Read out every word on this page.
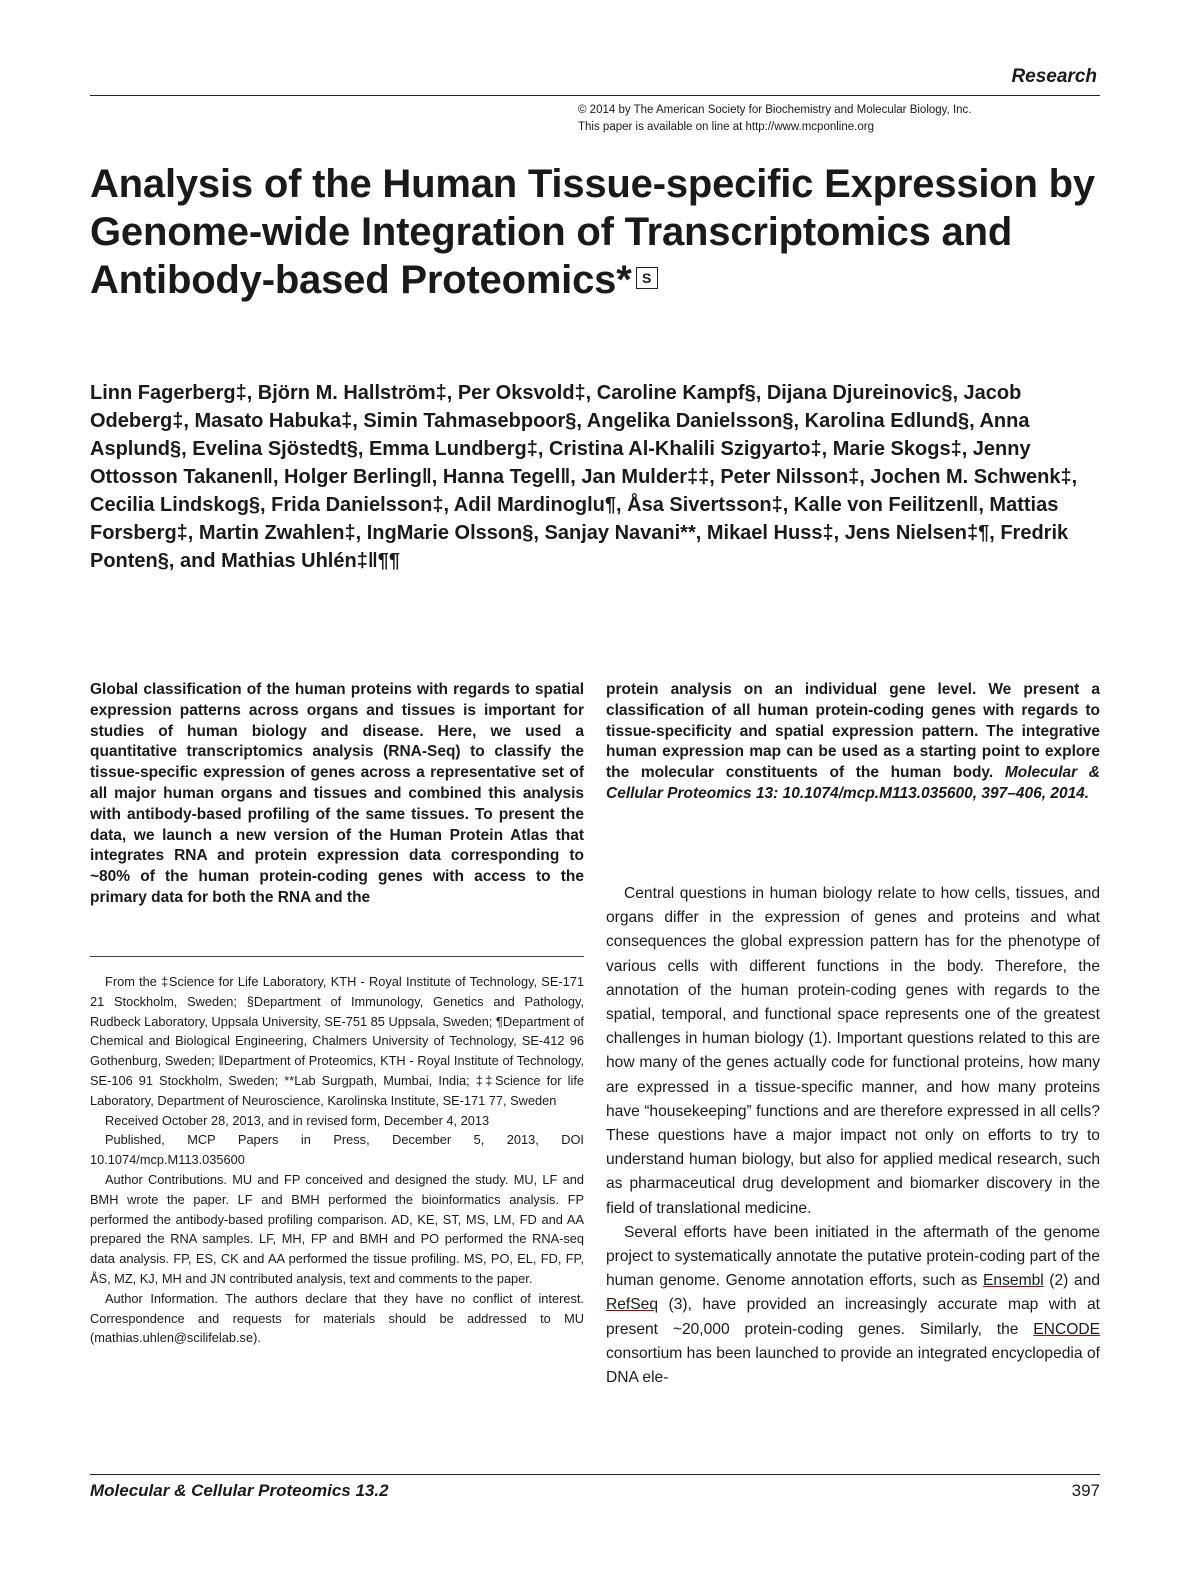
Research
© 2014 by The American Society for Biochemistry and Molecular Biology, Inc.
This paper is available on line at http://www.mcponline.org
Analysis of the Human Tissue-specific Expression by Genome-wide Integration of Transcriptomics and Antibody-based Proteomics* S
Linn Fagerberg‡, Björn M. Hallström‡, Per Oksvold‡, Caroline Kampf§, Dijana Djureinovic§, Jacob Odeberg‡, Masato Habuka‡, Simin Tahmasebpoor§, Angelika Danielsson§, Karolina Edlund§, Anna Asplund§, Evelina Sjöstedt§, Emma Lundberg‡, Cristina Al-Khalili Szigyarto‡, Marie Skogs‡, Jenny Ottosson Takanen‖, Holger Berling‖, Hanna Tegel‖, Jan Mulder‡‡, Peter Nilsson‡, Jochen M. Schwenk‡, Cecilia Lindskog§, Frida Danielsson‡, Adil Mardinoglu¶, Åsa Sivertsson‡, Kalle von Feilitzen‖, Mattias Forsberg‡, Martin Zwahlen‡, IngMarie Olsson§, Sanjay Navani**, Mikael Huss‡, Jens Nielsen‡¶, Fredrik Ponten§, and Mathias Uhlén‡‖¶¶
Global classification of the human proteins with regards to spatial expression patterns across organs and tissues is important for studies of human biology and disease. Here, we used a quantitative transcriptomics analysis (RNA-Seq) to classify the tissue-specific expression of genes across a representative set of all major human organs and tissues and combined this analysis with antibody-based profiling of the same tissues. To present the data, we launch a new version of the Human Protein Atlas that integrates RNA and protein expression data corresponding to ~80% of the human protein-coding genes with access to the primary data for both the RNA and the
protein analysis on an individual gene level. We present a classification of all human protein-coding genes with regards to tissue-specificity and spatial expression pattern. The integrative human expression map can be used as a starting point to explore the molecular constituents of the human body. Molecular & Cellular Proteomics 13: 10.1074/mcp.M113.035600, 397–406, 2014.

From the ‡Science for Life Laboratory, KTH - Royal Institute of Technology, SE-171 21 Stockholm, Sweden; §Department of Immunology, Genetics and Pathology, Rudbeck Laboratory, Uppsala University, SE-751 85 Uppsala, Sweden; ¶Department of Chemical and Biological Engineering, Chalmers University of Technology, SE-412 96 Gothenburg, Sweden; ‖Department of Proteomics, KTH - Royal Institute of Technology, SE-106 91 Stockholm, Sweden; **Lab Surgpath, Mumbai, India; ‡‡Science for life Laboratory, Department of Neuroscience, Karolinska Institute, SE-171 77, Sweden

Received October 28, 2013, and in revised form, December 4, 2013

Published, MCP Papers in Press, December 5, 2013, DOI 10.1074/mcp.M113.035600

Author Contributions. MU and FP conceived and designed the study. MU, LF and BMH wrote the paper. LF and BMH performed the bioinformatics analysis. FP performed the antibody-based profiling comparison. AD, KE, ST, MS, LM, FD and AA prepared the RNA samples. LF, MH, FP and BMH and PO performed the RNA-seq data analysis. FP, ES, CK and AA performed the tissue profiling. MS, PO, EL, FD, FP, ÅS, MZ, KJ, MH and JN contributed analysis, text and comments to the paper.

Author Information. The authors declare that they have no conflict of interest. Correspondence and requests for materials should be addressed to MU (mathias.uhlen@scilifelab.se).

Central questions in human biology relate to how cells, tissues, and organs differ in the expression of genes and proteins and what consequences the global expression pattern has for the phenotype of various cells with different functions in the body. Therefore, the annotation of the human protein-coding genes with regards to the spatial, temporal, and functional space represents one of the greatest challenges in human biology (1). Important questions related to this are how many of the genes actually code for functional proteins, how many are expressed in a tissue-specific manner, and how many proteins have “housekeeping” functions and are therefore expressed in all cells? These questions have a major impact not only on efforts to try to understand human biology, but also for applied medical research, such as pharmaceutical drug development and biomarker discovery in the field of translational medicine.

Several efforts have been initiated in the aftermath of the genome project to systematically annotate the putative protein-coding part of the human genome. Genome annotation efforts, such as Ensembl (2) and RefSeq (3), have provided an increasingly accurate map with at present ~20,000 protein-coding genes. Similarly, the ENCODE consortium has been launched to provide an integrated encyclopedia of DNA ele-

Molecular & Cellular Proteomics 13.2	397
